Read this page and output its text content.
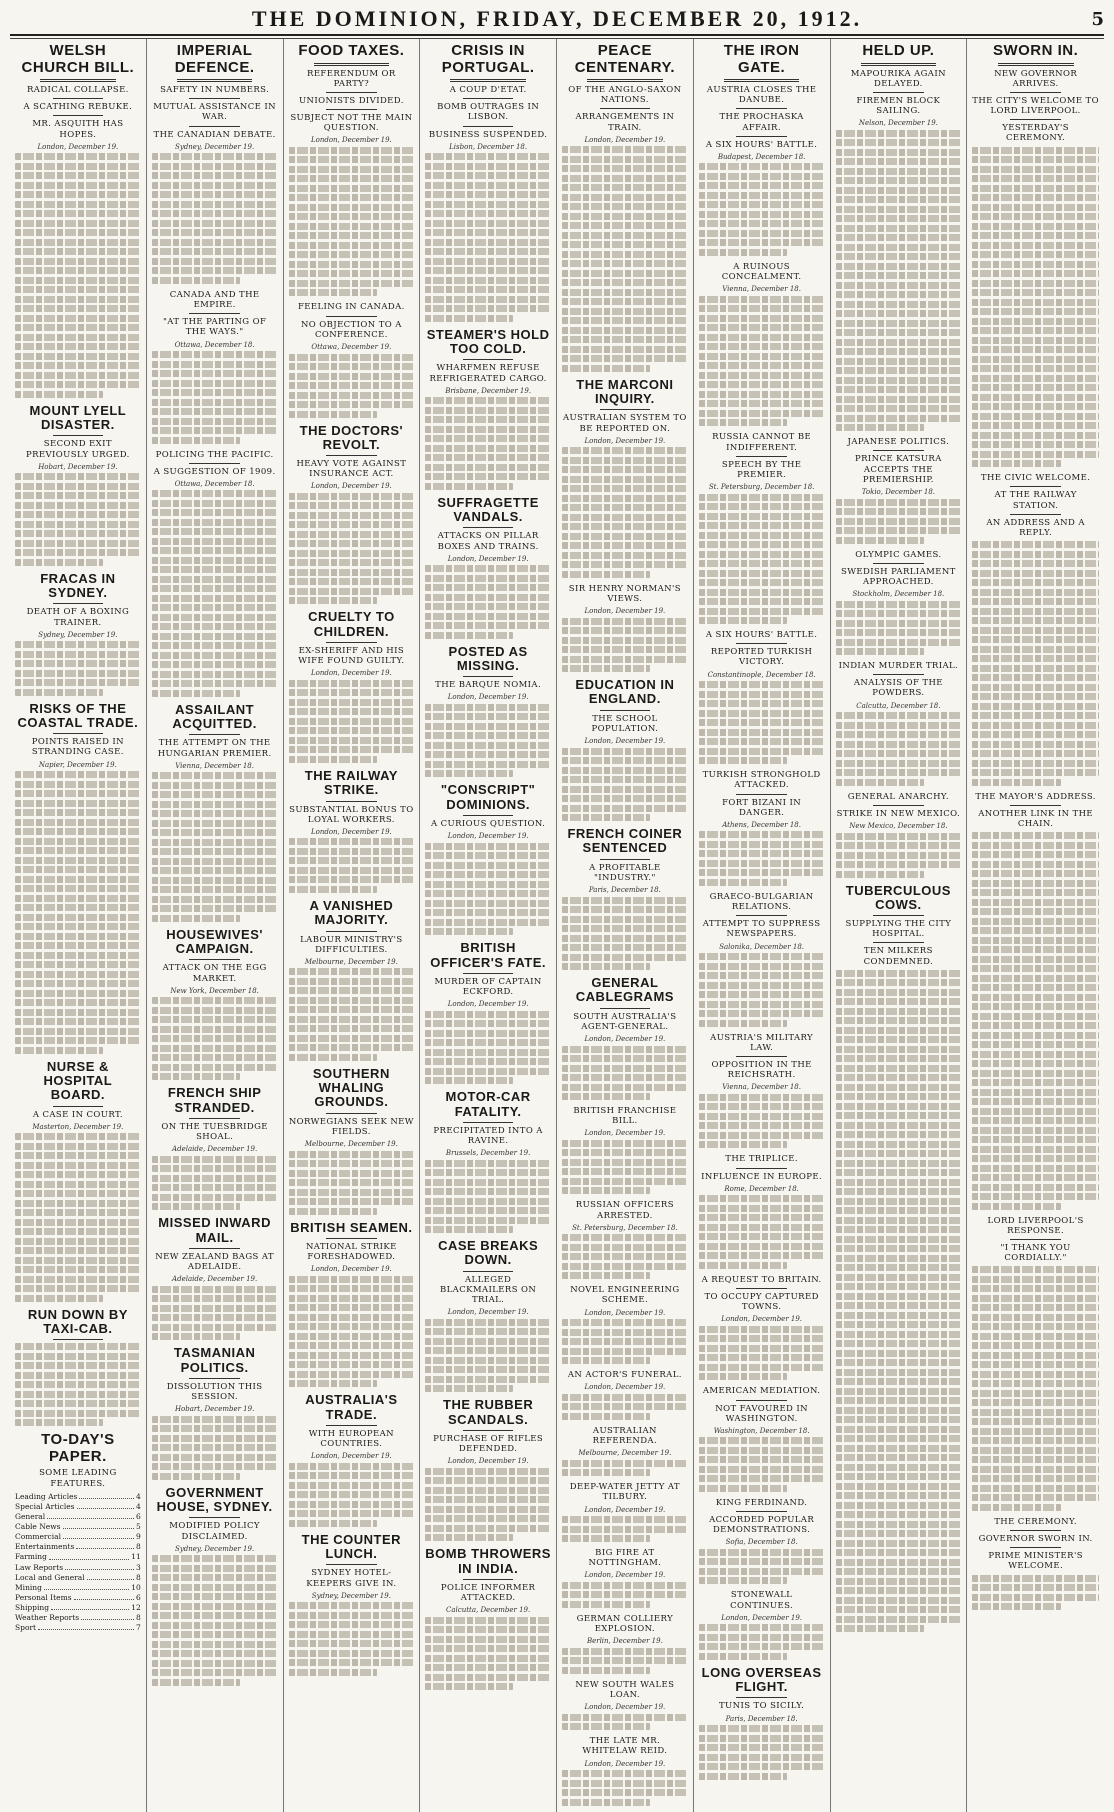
THE DOMINION, FRIDAY, DECEMBER 20, 1912.	5
WELSH CHURCH BILL.
RADICAL COLLAPSE.
A SCATHING REBUKE.
MR. ASQUITH HAS HOPES.
London, December 19.
MOUNT LYELL DISASTER.
SECOND EXIT PREVIOUSLY URGED.
Hobart, December 19.
FRACAS IN SYDNEY.
DEATH OF A BOXING TRAINER.
Sydney, December 19.
RISKS OF THE COASTAL TRADE.
POINTS RAISED IN STRANDING CASE.
Napier, December 19.
NURSE & HOSPITAL BOARD.
A CASE IN COURT.
Masterton, December 19.
RUN DOWN BY TAXI-CAB.
TO-DAY'S PAPER.
SOME LEADING FEATURES.
Leading Articles	4
Special Articles	4
General	6
Cable News	5
Commercial	9
Entertainments	8
Farming	11
Law Reports	3
Local and General	8
Mining	10
Personal Items	6
Shipping	12
Weather Reports	8
Sport	7
IMPERIAL DEFENCE.
SAFETY IN NUMBERS.
MUTUAL ASSISTANCE IN WAR.
THE CANADIAN DEBATE.
Sydney, December 19.
CANADA AND THE EMPIRE.
"AT THE PARTING OF THE WAYS."
Ottawa, December 18.
POLICING THE PACIFIC.
A SUGGESTION OF 1909.
Ottawa, December 18.
ASSAILANT ACQUITTED.
THE ATTEMPT ON THE HUNGARIAN PREMIER.
Vienna, December 18.
HOUSEWIVES' CAMPAIGN.
ATTACK ON THE EGG MARKET.
New York, December 18.
FRENCH SHIP STRANDED.
ON THE TUESBRIDGE SHOAL.
Adelaide, December 19.
MISSED INWARD MAIL.
NEW ZEALAND BAGS AT ADELAIDE.
Adelaide, December 19.
TASMANIAN POLITICS.
DISSOLUTION THIS SESSION.
Hobart, December 19.
GOVERNMENT HOUSE, SYDNEY.
MODIFIED POLICY DISCLAIMED.
Sydney, December 19.
FOOD TAXES.
REFERENDUM OR PARTY?
UNIONISTS DIVIDED.
SUBJECT NOT THE MAIN QUESTION.
London, December 19.
FEELING IN CANADA.
NO OBJECTION TO A CONFERENCE.
Ottawa, December 19.
THE DOCTORS' REVOLT.
HEAVY VOTE AGAINST INSURANCE ACT.
London, December 19.
CRUELTY TO CHILDREN.
EX-SHERIFF AND HIS WIFE FOUND GUILTY.
London, December 19.
THE RAILWAY STRIKE.
SUBSTANTIAL BONUS TO LOYAL WORKERS.
London, December 19.
A VANISHED MAJORITY.
LABOUR MINISTRY'S DIFFICULTIES.
Melbourne, December 19.
SOUTHERN WHALING GROUNDS.
NORWEGIANS SEEK NEW FIELDS.
Melbourne, December 19.
BRITISH SEAMEN.
NATIONAL STRIKE FORESHADOWED.
London, December 19.
AUSTRALIA'S TRADE.
WITH EUROPEAN COUNTRIES.
London, December 19.
THE COUNTER LUNCH.
SYDNEY HOTEL-KEEPERS GIVE IN.
Sydney, December 19.
CRISIS IN PORTUGAL.
A COUP D'ETAT.
BOMB OUTRAGES IN LISBON.
BUSINESS SUSPENDED.
Lisbon, December 18.
STEAMER'S HOLD TOO COLD.
WHARFMEN REFUSE REFRIGERATED CARGO.
Brisbane, December 19.
SUFFRAGETTE VANDALS.
ATTACKS ON PILLAR BOXES AND TRAINS.
London, December 19.
POSTED AS MISSING.
THE BARQUE NOMIA.
London, December 19.
"CONSCRIPT" DOMINIONS.
A CURIOUS QUESTION.
London, December 19.
BRITISH OFFICER'S FATE.
MURDER OF CAPTAIN ECKFORD.
London, December 19.
MOTOR-CAR FATALITY.
PRECIPITATED INTO A RAVINE.
Brussels, December 19.
CASE BREAKS DOWN.
ALLEGED BLACKMAILERS ON TRIAL.
London, December 19.
THE RUBBER SCANDALS.
PURCHASE OF RIFLES DEFENDED.
London, December 19.
BOMB THROWERS IN INDIA.
POLICE INFORMER ATTACKED.
Calcutta, December 19.
PEACE CENTENARY.
OF THE ANGLO-SAXON NATIONS.
ARRANGEMENTS IN TRAIN.
London, December 19.
THE MARCONI INQUIRY.
AUSTRALIAN SYSTEM TO BE REPORTED ON.
London, December 19.
SIR HENRY NORMAN'S VIEWS.
London, December 19.
EDUCATION IN ENGLAND.
THE SCHOOL POPULATION.
London, December 19.
FRENCH COINER SENTENCED
A PROFITABLE "INDUSTRY."
Paris, December 18.
GENERAL CABLEGRAMS
SOUTH AUSTRALIA'S AGENT-GENERAL.
London, December 19.
BRITISH FRANCHISE BILL.
London, December 19.
RUSSIAN OFFICERS ARRESTED.
St. Petersburg, December 18.
NOVEL ENGINEERING SCHEME.
London, December 19.
AN ACTOR'S FUNERAL.
London, December 19.
AUSTRALIAN REFERENDA.
Melbourne, December 19.
DEEP-WATER JETTY AT TILBURY.
London, December 19.
BIG FIRE AT NOTTINGHAM.
London, December 19.
GERMAN COLLIERY EXPLOSION.
Berlin, December 19.
NEW SOUTH WALES LOAN.
London, December 19.
THE LATE MR. WHITELAW REID.
London, December 19.
THE IRON GATE.
AUSTRIA CLOSES THE DANUBE.
THE PROCHASKA AFFAIR.
A SIX HOURS' BATTLE.
Budapest, December 18.
A RUINOUS CONCEALMENT.
Vienna, December 18.
RUSSIA CANNOT BE INDIFFERENT.
SPEECH BY THE PREMIER.
St. Petersburg, December 18.
A SIX HOURS' BATTLE.
REPORTED TURKISH VICTORY.
Constantinople, December 18.
TURKISH STRONGHOLD ATTACKED.
FORT BIZANI IN DANGER.
Athens, December 18.
GRAECO-BULGARIAN RELATIONS.
ATTEMPT TO SUPPRESS NEWSPAPERS.
Salonika, December 18.
AUSTRIA'S MILITARY LAW.
OPPOSITION IN THE REICHSRATH.
Vienna, December 18.
THE TRIPLICE.
INFLUENCE IN EUROPE.
Rome, December 18.
A REQUEST TO BRITAIN.
TO OCCUPY CAPTURED TOWNS.
London, December 19.
AMERICAN MEDIATION.
NOT FAVOURED IN WASHINGTON.
Washington, December 18.
KING FERDINAND.
ACCORDED POPULAR DEMONSTRATIONS.
Sofia, December 18.
STONEWALL CONTINUES.
London, December 19.
LONG OVERSEAS FLIGHT.
TUNIS TO SICILY.
Paris, December 18.
HELD UP.
MAPOURIKA AGAIN DELAYED.
FIREMEN BLOCK SAILING.
Nelson, December 19.
JAPANESE POLITICS.
PRINCE KATSURA ACCEPTS THE PREMIERSHIP.
Tokio, December 18.
OLYMPIC GAMES.
SWEDISH PARLIAMENT APPROACHED.
Stockholm, December 18.
INDIAN MURDER TRIAL.
ANALYSIS OF THE POWDERS.
Calcutta, December 18.
GENERAL ANARCHY.
STRIKE IN NEW MEXICO.
New Mexico, December 18.
TUBERCULOUS COWS.
SUPPLYING THE CITY HOSPITAL.
TEN MILKERS CONDEMNED.
SWORN IN.
NEW GOVERNOR ARRIVES.
THE CITY'S WELCOME TO LORD LIVERPOOL.
YESTERDAY'S CEREMONY.
THE CIVIC WELCOME.
AT THE RAILWAY STATION.
AN ADDRESS AND A REPLY.
THE MAYOR'S ADDRESS.
ANOTHER LINK IN THE CHAIN.
LORD LIVERPOOL'S RESPONSE.
"I THANK YOU CORDIALLY."
THE CEREMONY.
GOVERNOR SWORN IN.
PRIME MINISTER'S WELCOME.
